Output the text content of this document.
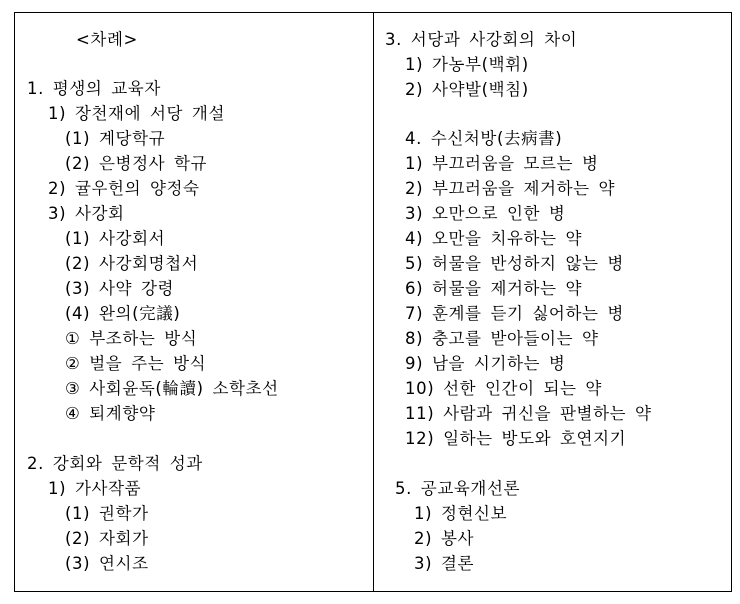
<차례>
1. 평생의 교육자
1) 장천재에 서당 개설
(1) 계당학규
(2) 은병정사 학규
2) 귤우헌의 양정숙
3) 사강회
(1) 사강회서
(2) 사강회명첩서
(3) 사약 강령
(4) 완의(完議)
① 부조하는 방식
② 벌을 주는 방식
③ 사회윤독(輪讀) 소학초선
④ 퇴계향약
2. 강회와 문학적 성과
1) 가사작품
(1) 권학가
(2) 자회가
(3) 연시조
3. 서당과 사강회의 차이
1) 가농부(백휘)
2) 사약발(백침)
4. 수신처방(去病書)
1) 부끄러움을 모르는 병
2) 부끄러움을 제거하는 약
3) 오만으로 인한 병
4) 오만을 치유하는 약
5) 허물을 반성하지 않는 병
6) 허물을 제거하는 약
7) 훈계를 듣기 싫어하는 병
8) 충고를 받아들이는 약
9) 남을 시기하는 병
10) 선한 인간이 되는 약
11) 사람과 귀신을 판별하는 약
12) 일하는 방도와 호연지기
5. 공교육개선론
1) 정현신보
2) 봉사
3) 결론
